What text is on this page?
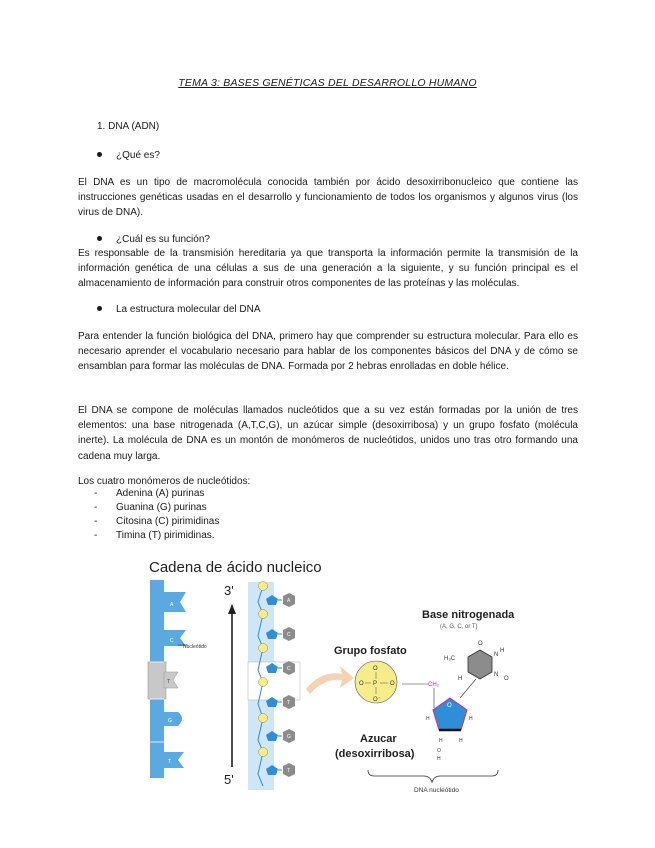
TEMA 3: BASES GENÉTICAS DEL DESARROLLO HUMANO
1. DNA (ADN)
¿Qué es?
El DNA es un tipo de macromolécula conocida también por ácido desoxirribonucleico que contiene las instrucciones genéticas usadas en el desarrollo y funcionamiento de todos los organismos y algunos virus (los virus de DNA).
¿Cuál es su función?
Es responsable de la transmisión hereditaria ya que transporta la información permite la transmisión de la información genética de una células a sus de una generación a la siguiente, y su función principal es el almacenamiento de información para construir otros componentes de las proteínas y las moléculas.
La estructura molecular del DNA
Para entender la función biológica del DNA, primero hay que comprender su estructura molecular. Para ello es necesario aprender el vocabulario necesario para hablar de los componentes básicos del DNA y de cómo se ensamblan para formar las moléculas de DNA. Formada por 2 hebras enrolladas en doble hélice.
El DNA se compone de moléculas llamados nucleótidos que a su vez están formadas por la unión de tres elementos: una base nitrogenada (A,T,C,G), un azúcar simple (desoxirribosa) y un grupo fosfato (molécula inerte). La molécula de DNA es un montón de monómeros de nucleótidos, unidos uno tras otro formando una cadena muy larga.
Los cuatro monómeros de nucleótidos:
- Adenina (A) purinas
- Guanina (G) purinas
- Citosina (C) pirimidinas
- Timina (T) pirimidinas.
Cadena de ácido nucleico
A
C
T
G
T
Nucleótido
3'
5'
A
C
C
T
G
T
Grupo fosfato
P
O
O⁻
O	O
Base nitrogenada
(A, G, C, or T)
O
H₃C
N
H
N
O
H
CH₂
O
H	H
H	H
O
H
Azucar
(desoxirribosa)
DNA nucleótido
